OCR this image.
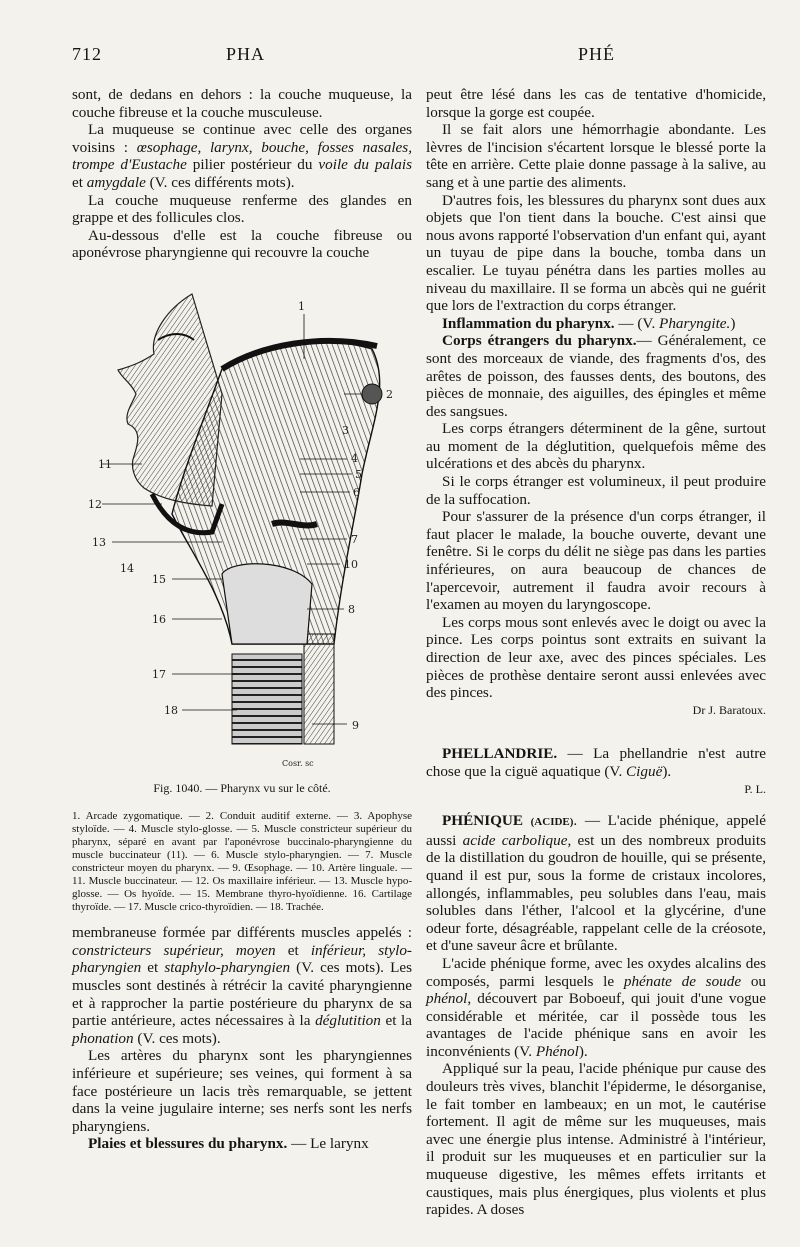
712	PHA	PHÉ

sont, de dedans en dehors : la couche muqueuse, la couche fibreuse et la couche musculeuse.

La muqueuse se continue avec celle des organes voisins : œsophage, larynx, bouche, fosses nasales, trompe d'Eustache pilier postérieur du voile du palais et amygdale (V. ces différents mots).

La couche muqueuse renferme des glandes en grappe et des follicules clos.

Au-dessous d'elle est la couche fibreuse ou aponévrose pharyngienne qui recouvre la couche

1
2
3
4
5
6
7
8
9
10
11
12
13
14
15
16
17
18
Cosr. sc
Fig. 1040. — Pharynx vu sur le côté.
1. Arcade zygomatique. — 2. Conduit auditif externe. — 3. Apophyse styloïde. — 4. Muscle stylo-glosse. — 5. Muscle constricteur supérieur du pharynx, séparé en avant par l'aponévrose buccinalo-pharyngienne du muscle buccinateur (11). — 6. Muscle stylo-pharyngien. — 7. Muscle constricteur moyen du pharynx. — 9. Œsophage. — 10. Artère linguale. — 11. Muscle buccinateur. — 12. Os maxillaire inférieur. — 13. Muscle hypo-glosse. — Os hyoïde. — 15. Membrane thyro-hyoïdienne. 16. Cartilage thyroïde. — 17. Muscle crico-thyroïdien. — 18. Trachée.

membraneuse formée par différents muscles appelés : constricteurs supérieur, moyen et inférieur, stylo-pharyngien et staphylo-pharyngien (V. ces mots). Les muscles sont destinés à rétrécir la cavité pharyngienne et à rapprocher la partie postérieure du pharynx de sa partie antérieure, actes nécessaires à la déglutition et la phonation (V. ces mots).

Les artères du pharynx sont les pharyngiennes inférieure et supérieure; ses veines, qui forment à sa face postérieure un lacis très remarquable, se jettent dans la veine jugulaire interne; ses nerfs sont les nerfs pharyngiens.

Plaies et blessures du pharynx. — Le larynx

peut être lésé dans les cas de tentative d'homicide, lorsque la gorge est coupée.

Il se fait alors une hémorrhagie abondante. Les lèvres de l'incision s'écartent lorsque le blessé porte la tête en arrière. Cette plaie donne passage à la salive, au sang et à une partie des aliments.

D'autres fois, les blessures du pharynx sont dues aux objets que l'on tient dans la bouche. C'est ainsi que nous avons rapporté l'observation d'un enfant qui, ayant un tuyau de pipe dans la bouche, tomba dans un escalier. Le tuyau pénétra dans les parties molles au niveau du maxillaire. Il se forma un abcès qui ne guérit que lors de l'extraction du corps étranger.

Inflammation du pharynx. — (V. Pharyngite.)

Corps étrangers du pharynx.— Généralement, ce sont des morceaux de viande, des fragments d'os, des arêtes de poisson, des fausses dents, des boutons, des pièces de monnaie, des aiguilles, des épingles et même des sangsues.

Les corps étrangers déterminent de la gêne, surtout au moment de la déglutition, quelquefois même des ulcérations et des abcès du pharynx.

Si le corps étranger est volumineux, il peut produire de la suffocation.

Pour s'assurer de la présence d'un corps étranger, il faut placer le malade, la bouche ouverte, devant une fenêtre. Si le corps du délit ne siège pas dans les parties inférieures, on aura beaucoup de chances de l'apercevoir, autrement il faudra avoir recours à l'examen au moyen du laryngoscope.

Les corps mous sont enlevés avec le doigt ou avec la pince. Les corps pointus sont extraits en suivant la direction de leur axe, avec des pinces spéciales. Les pièces de prothèse dentaire seront aussi enlevées avec des pinces.

Dr J. Baratoux.

PHELLANDRIE. — La phellandrie n'est autre chose que la ciguë aquatique (V. Ciguë).

P. L.

PHÉNIQUE (ACIDE). — L'acide phénique, appelé aussi acide carbolique, est un des nombreux produits de la distillation du goudron de houille, qui se présente, quand il est pur, sous la forme de cristaux incolores, allongés, inflammables, peu solubles dans l'eau, mais solubles dans l'éther, l'alcool et la glycérine, d'une odeur forte, désagréable, rappelant celle de la créosote, et d'une saveur âcre et brûlante.

L'acide phénique forme, avec les oxydes alcalins des composés, parmi lesquels le phénate de soude ou phénol, découvert par Boboeuf, qui jouit d'une vogue considérable et méritée, car il possède tous les avantages de l'acide phénique sans en avoir les inconvénients (V. Phénol).

Appliqué sur la peau, l'acide phénique pur cause des douleurs très vives, blanchit l'épiderme, le désorganise, le fait tomber en lambeaux; en un mot, le cautérise fortement. Il agit de même sur les muqueuses, mais avec une énergie plus intense. Administré à l'intérieur, il produit sur les muqueuses et en particulier sur la muqueuse digestive, les mêmes effets irritants et caustiques, mais plus énergiques, plus violents et plus rapides. A doses
